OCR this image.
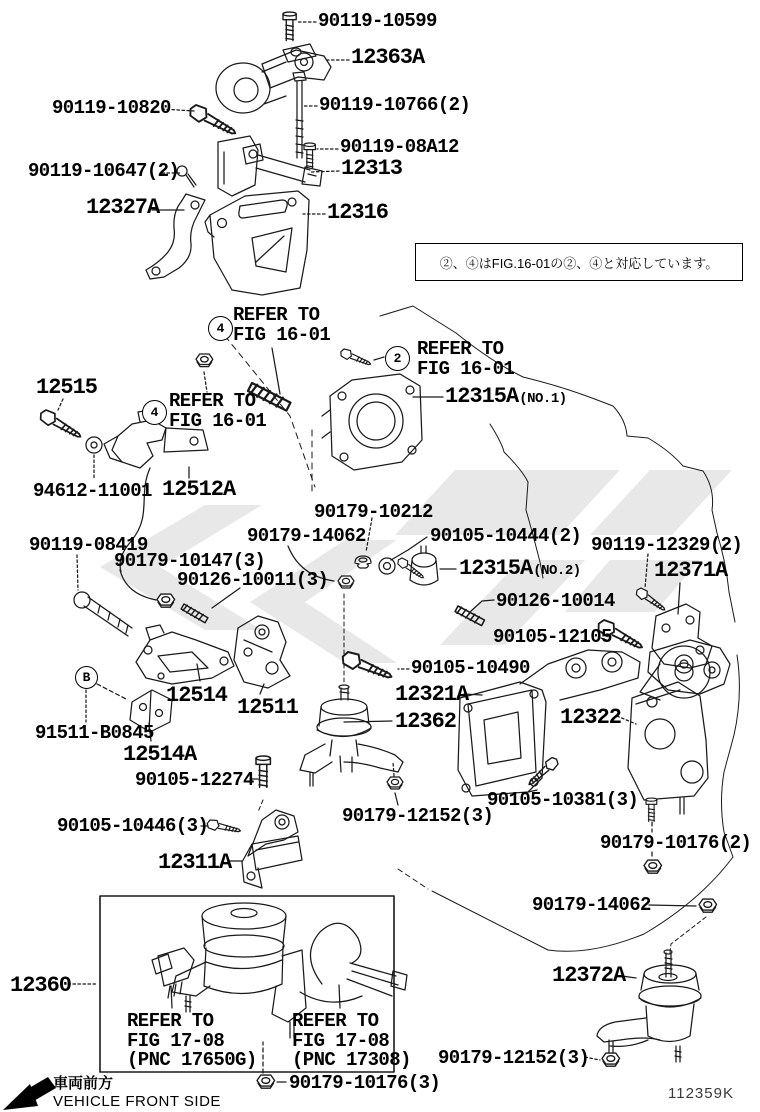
90119-10599
12363A
90119-10820	90119-10766(2)
90119-08A12
12313
90119-10647(2)
12327A	12316
12515	12315A(NO.1)
94612-11001 12512A
90179-10212
90179-14062	90105-10444(2)
90119-08419	90119-12329(2)
90179-10147(3)	12315A(NO.2)	12371A
90126-10011(3)
90126-10014
90105-12105
90105-10490
12514	12321A
12511
12362	12322
91511-B0845
12514A
90105-12274
90105-10381(3)
90179-12152(3)
90105-10446(3)
90179-10176(2)
12311A
90179-14062
12372A
12360
90179-12152(3)
90179-10176(3)
REFER TO
FIG 16-01
REFER TO
FIG 16-01
REFER TO
FIG 16-01
REFER TO
FIG 17-08
(PNC 17650G)
REFER TO
FIG 17-08
(PNC 17308)
4
2
4
②、④はFIG.16-01の②、④と対応しています。
B
車両前方
VEHICLE FRONT SIDE	112359K
